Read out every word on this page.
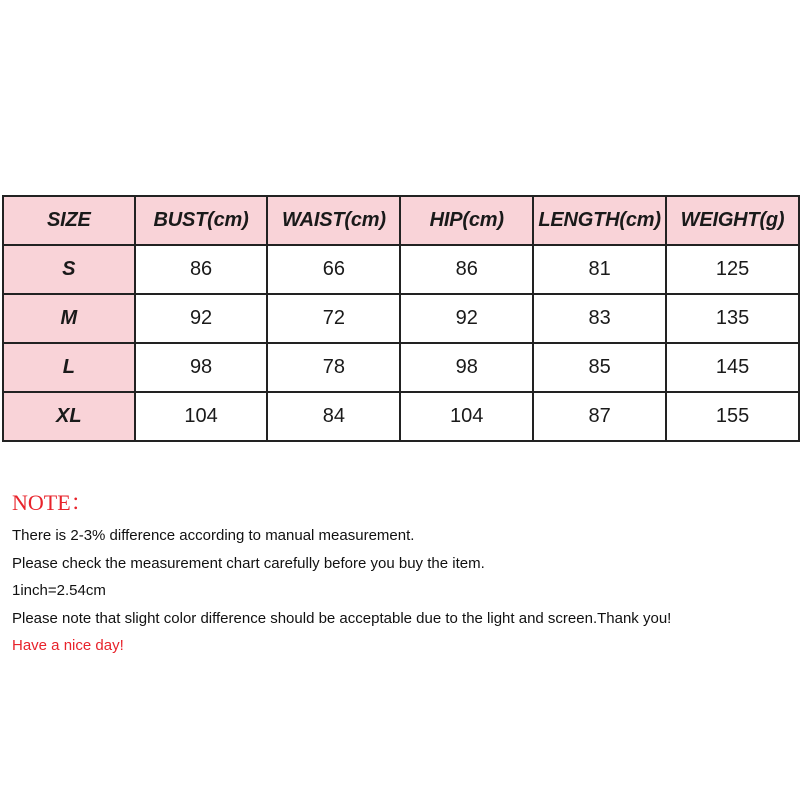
SIZE	BUST(cm)	WAIST(cm)	HIP(cm)	LENGTH(cm)	WEIGHT(g)
S	86	66	86	81	125
M	92	72	92	83	135
L	98	78	98	85	145
XL	104	84	104	87	155
NOTE：
There is 2-3% difference according to manual measurement.
Please check the measurement chart carefully before you buy the item.
1inch=2.54cm
Please note that slight color difference should be acceptable due to the light and screen.Thank you!
Have a nice day!
